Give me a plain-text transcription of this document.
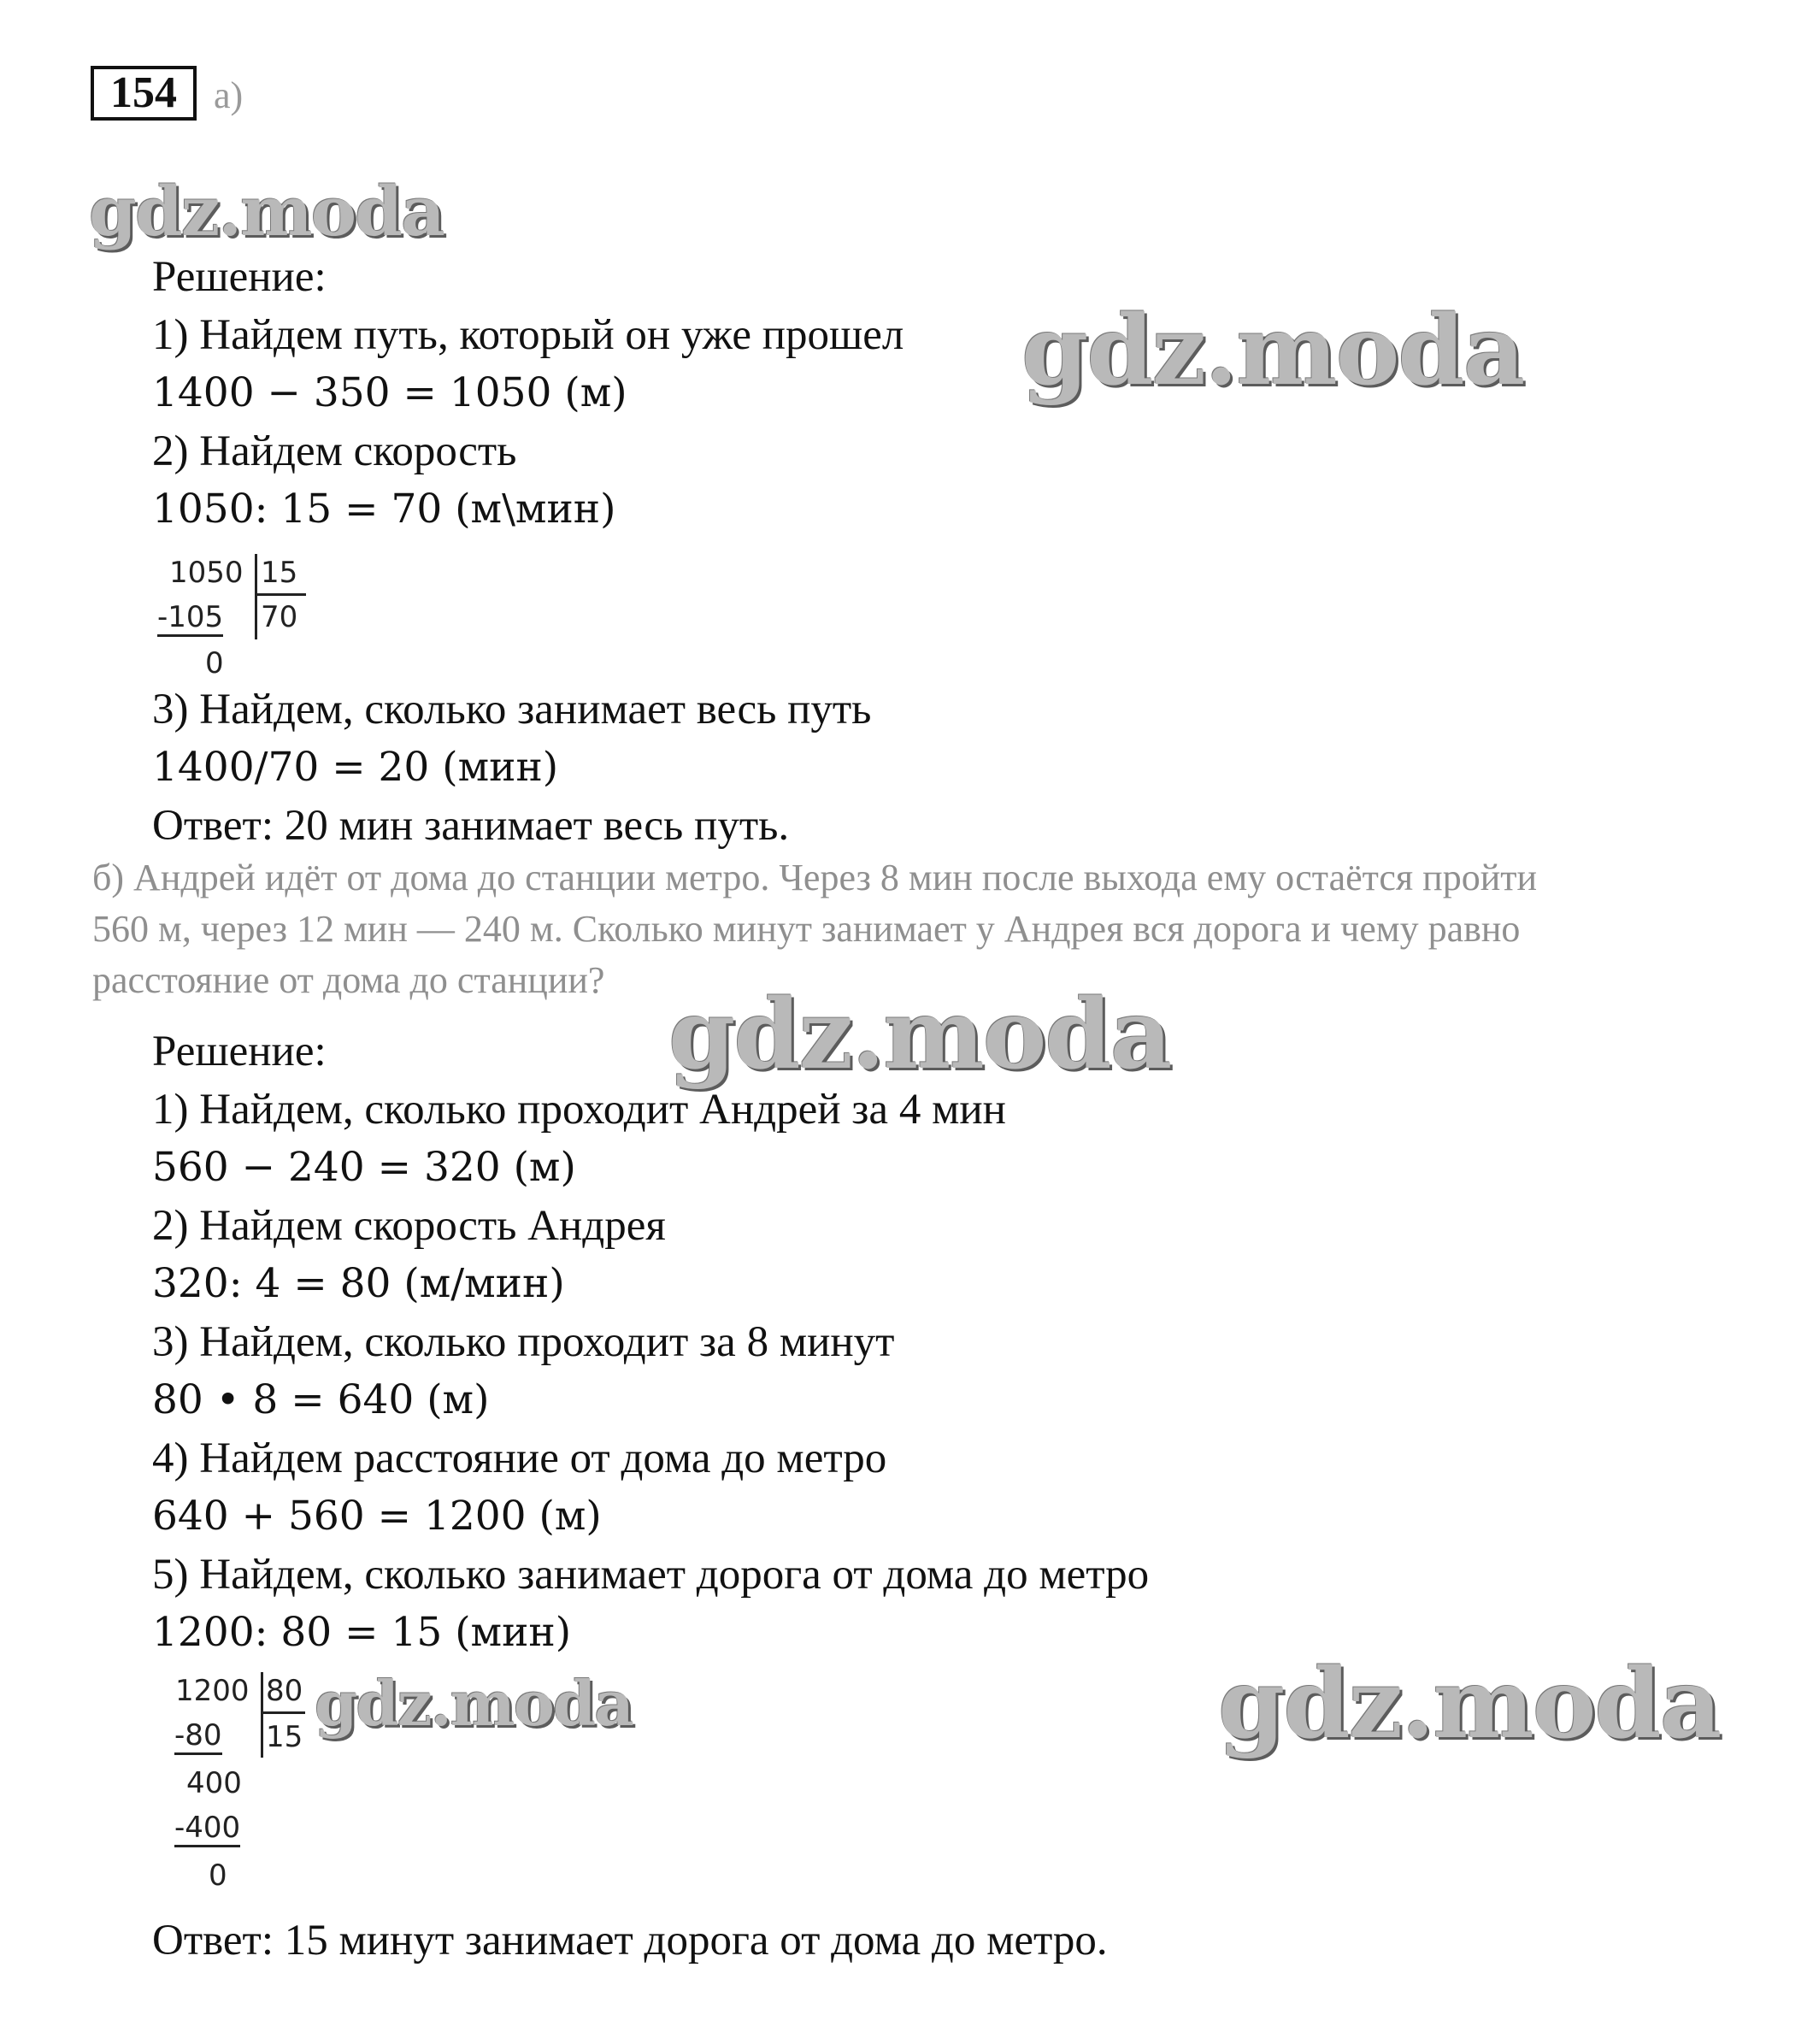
154 а)
gdz.moda
gdz.moda
gdz.moda
gdz.moda	gdz.moda
Решение:
1) Найдем путь, который он уже прошел
1400 − 350 = 1050 (м)
2) Найдем скорость
1050: 15 = 70 (м\мин)
1050 15
-105 70
0
3) Найдем, сколько занимает весь путь
1400/70 = 20 (мин)
Ответ: 20 мин занимает весь путь.
б) Андрей идёт от дома до станции метро. Через 8 мин после выхода ему остаётся пройти
560 м, через 12 мин — 240 м. Сколько минут занимает у Андрея вся дорога и чему равно
расстояние от дома до станции?
Решение:
1) Найдем, сколько проходит Андрей за 4 мин
560 − 240 = 320 (м)
2) Найдем скорость Андрея
320: 4 = 80 (м/мин)
3) Найдем, сколько проходит за 8 минут
80 • 8 = 640 (м)
4) Найдем расстояние от дома до метро
640 + 560 = 1200 (м)
5) Найдем, сколько занимает дорога от дома до метро
1200: 80 = 15 (мин)
1200 80
-80 15
400
-400
0
Ответ: 15 минут занимает дорога от дома до метро.
